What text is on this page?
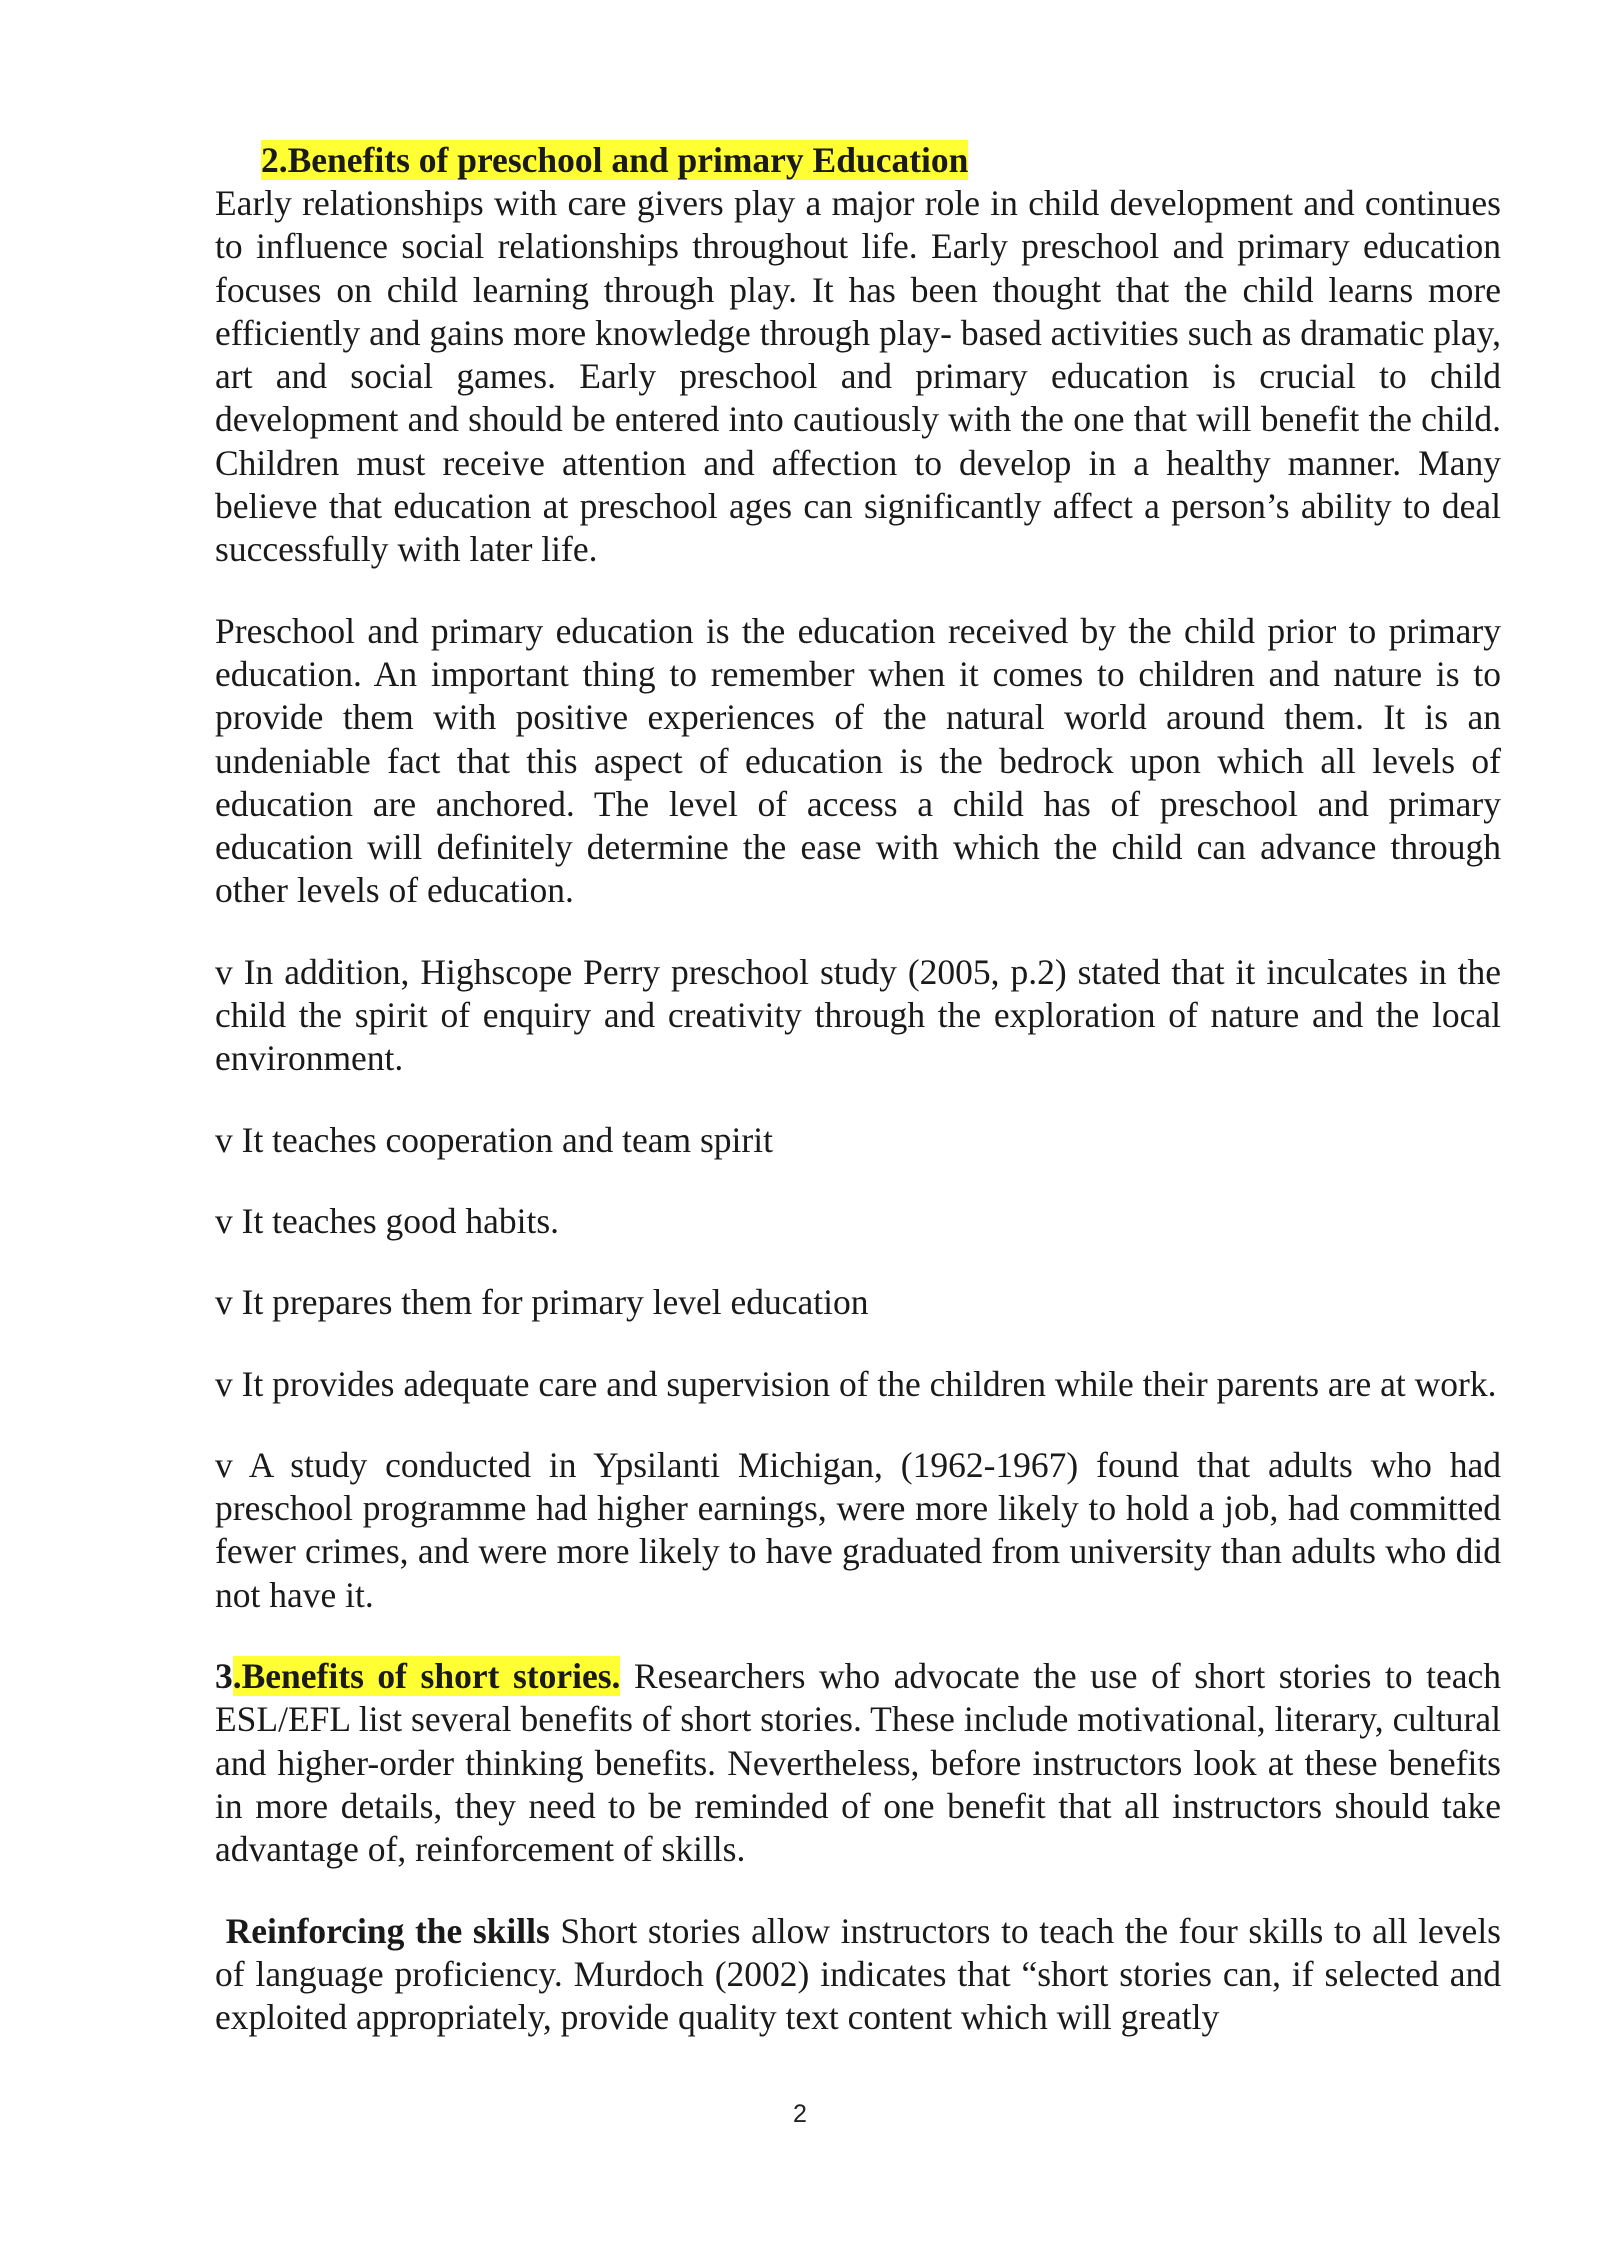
2.Benefits of preschool and primary Education

Early relationships with care givers play a major role in child development and continues to influence social relationships throughout life. Early preschool and primary education focuses on child learning through play. It has been thought that the child learns more efficiently and gains more knowledge through play- based activities such as dramatic play, art and social games. Early preschool and primary education is crucial to child development and should be entered into cautiously with the one that will benefit the child. Children must receive attention and affection to develop in a healthy manner. Many believe that education at preschool ages can significantly affect a person’s ability to deal successfully with later life.

Preschool and primary education is the education received by the child prior to primary education. An important thing to remember when it comes to children and nature is to provide them with positive experiences of the natural world around them. It is an undeniable fact that this aspect of education is the bedrock upon which all levels of education are anchored. The level of access a child has of preschool and primary education will definitely determine the ease with which the child can advance through other levels of education.

v In addition, Highscope Perry preschool study (2005, p.2) stated that it inculcates in the child the spirit of enquiry and creativity through the exploration of nature and the local environment.

v It teaches cooperation and team spirit

v It teaches good habits.

v It prepares them for primary level education

v It provides adequate care and supervision of the children while their parents are at work.

v A study conducted in Ypsilanti Michigan, (1962-1967) found that adults who had preschool programme had higher earnings, were more likely to hold a job, had committed fewer crimes, and were more likely to have graduated from university than adults who did not have it.

3.Benefits of short stories. Researchers who advocate the use of short stories to teach ESL/EFL list several benefits of short stories. These include motivational, literary, cultural and higher-order thinking benefits. Nevertheless, before instructors look at these benefits in more details, they need to be reminded of one benefit that all instructors should take advantage of, reinforcement of skills.

Reinforcing the skills Short stories allow instructors to teach the four skills to all levels of language proficiency. Murdoch (2002) indicates that “short stories can, if selected and exploited appropriately, provide quality text content which will greatly

2
